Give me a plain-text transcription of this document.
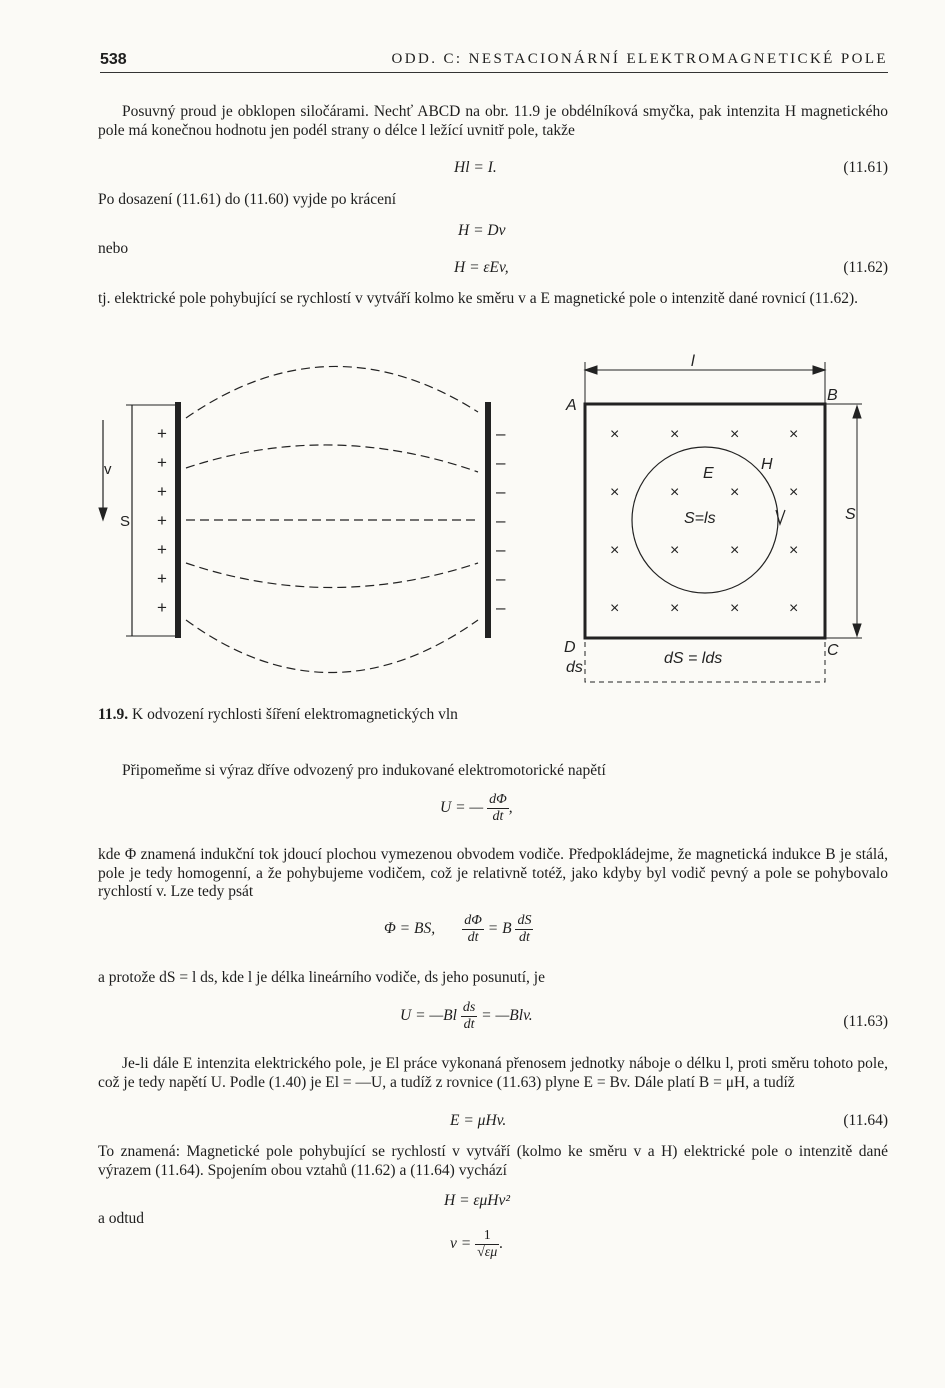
538	ODD. C: NESTACIONÁRNÍ ELEKTROMAGNETICKÉ POLE
Posuvný proud je obklopen siločárami. Nechť ABCD na obr. 11.9 je obdélníková smyčka, pak intenzita H magnetického pole má konečnou hodnotu jen podél strany o délce l ležící uvnitř pole, takže
Hl = I.	(11.61)
Po dosazení (11.61) do (11.60) vyjde po krácení
H = Dv
nebo
H = εEv,	(11.62)
tj. elektrické pole pohybující se rychlostí v vytváří kolmo ke směru v a E magnetické pole o intenzitě dané rovnicí (11.62).
+
+
+
+
+
+
+
–
–
–
–
–
–
–
v
S
l
A
B
C
D
ds
S
E
H
S=ls
dS = lds
×	×	×	×
×	×	×	×
×	×	×	×
×	×	×	×
11.9. K odvození rychlosti šíření elektromagnetických vln
Připomeňme si výraz dříve odvozený pro indukované elektromotorické napětí
U = — $\frac{d\Phi}{dt}$ ,
kde Φ znamená indukční tok jdoucí plochou vymezenou obvodem vodiče. Předpokládejme, že magnetická indukce B je stálá, pole je tedy homogenní, a že pohybujeme vodičem, což je relativně totéž, jako kdyby byl vodič pevný a pole se pohybovalo rychlostí v. Lze tedy psát
Φ = BS, $\frac{d\Phi}{dt} = B \frac{dS}{dt}$
a protože dS = l ds, kde l je délka lineárního vodiče, ds jeho posunutí, je
U = —Bl $\frac{ds}{dt}$ = —Blv.	(11.63)
Je-li dále E intenzita elektrického pole, je El práce vykonaná přenosem jednotky náboje o délku l, proti směru tohoto pole, což je tedy napětí U. Podle (1.40) je El = —U, a tudíž z rovnice (11.63) plyne E = Bv. Dále platí B = μH, a tudíž
E = μHv.	(11.64)
To znamená: Magnetické pole pohybující se rychlostí v vytváří (kolmo ke směru v a H) elektrické pole o intenzitě dané výrazem (11.64). Spojením obou vztahů (11.62) a (11.64) vychází
H = εμHv²
a odtud
$v = \frac{1}{√\varepsilon\mu}$ .
